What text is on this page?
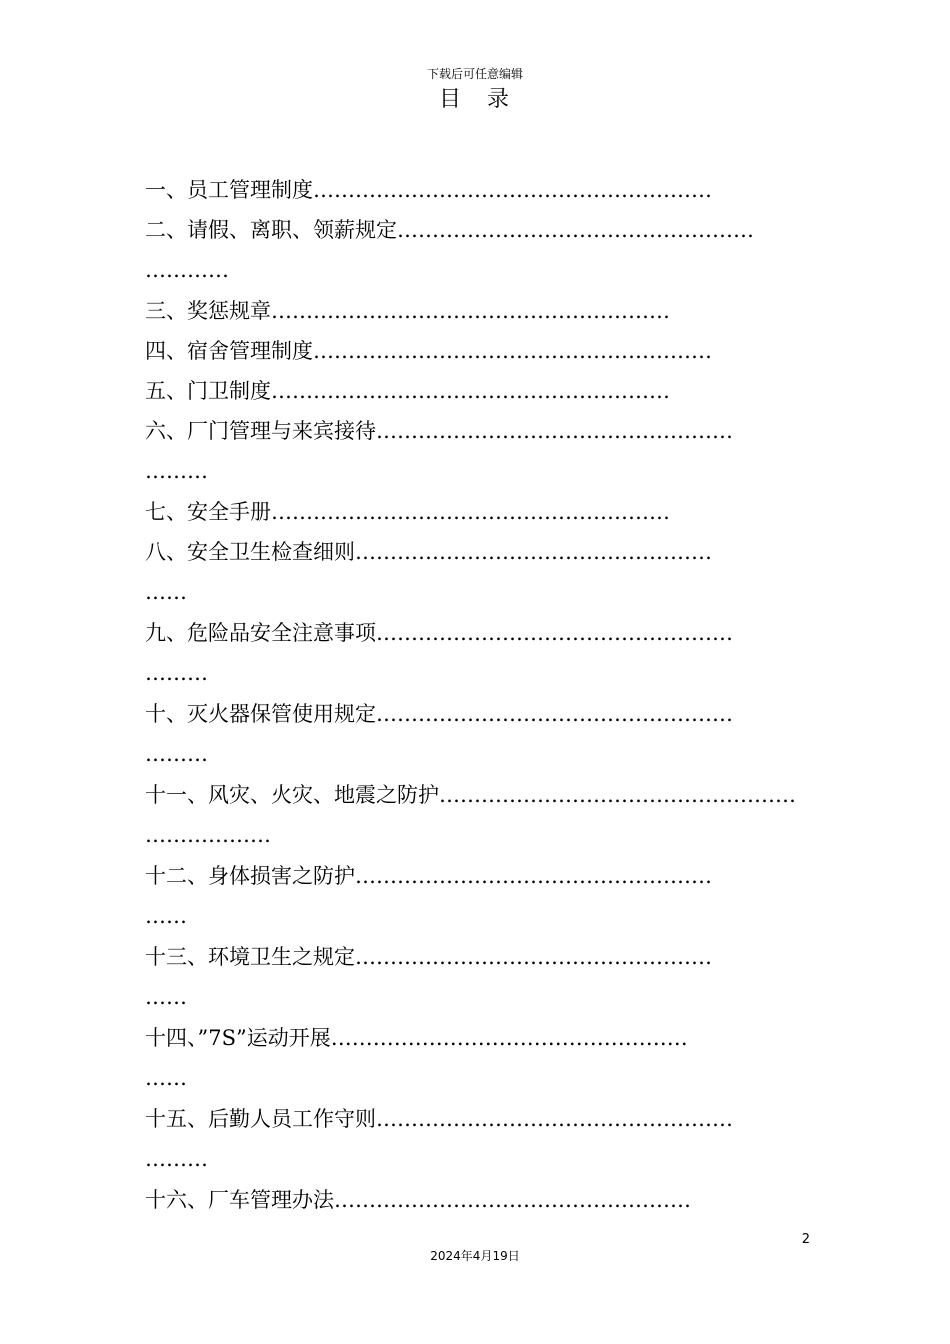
下载后可任意编辑
目　录
一、员工管理制度…………………………………………………
二、请假、离职、领薪规定……………………………………………
…………
三、奖惩规章…………………………………………………
四、宿舍管理制度…………………………………………………
五、门卫制度…………………………………………………
六、厂门管理与来宾接待……………………………………………
………
七、安全手册…………………………………………………
八、安全卫生检查细则……………………………………………
……
九、危险品安全注意事项……………………………………………
………
十、灭火器保管使用规定……………………………………………
………
十一、风灾、火灾、地震之防护……………………………………………
………………
十二、身体损害之防护……………………………………………
……
十三、环境卫生之规定……………………………………………
……
十四、”7S”运动开展……………………………………………
……
十五、后勤人员工作守则……………………………………………
………
十六、厂车管理办法……………………………………………
2
2024年4月19日
